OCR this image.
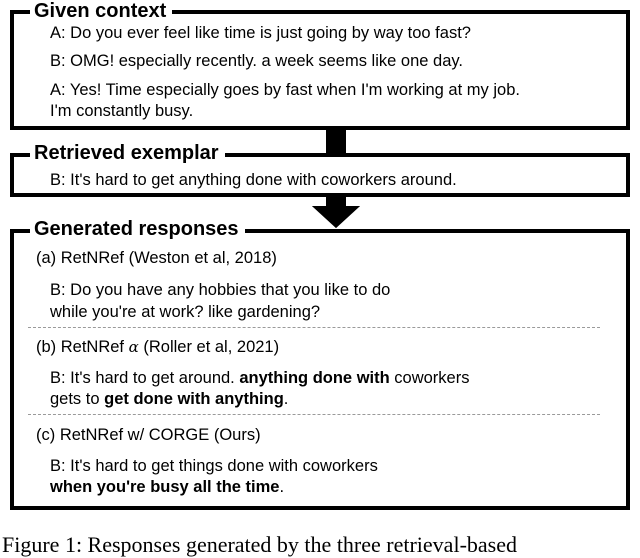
Given context
A: Do you ever feel like time is just going by way too fast?
B: OMG! especially recently. a week seems like one day.
A: Yes! Time especially goes by fast when I'm working at my job.
I'm constantly busy.
Retrieved exemplar
B: It's hard to get anything done with coworkers around.
Generated responses
(a) RetNRef (Weston et al, 2018)
B: Do you have any hobbies that you like to do
while you're at work? like gardening?
(b) RetNRef α (Roller et al, 2021)
B: It's hard to get around. anything done with coworkers
gets to get done with anything.
(c) RetNRef w/ CORGE (Ours)
B: It's hard to get things done with coworkers
when you're busy all the time.
Figure 1: Responses generated by the three retrieval-based
